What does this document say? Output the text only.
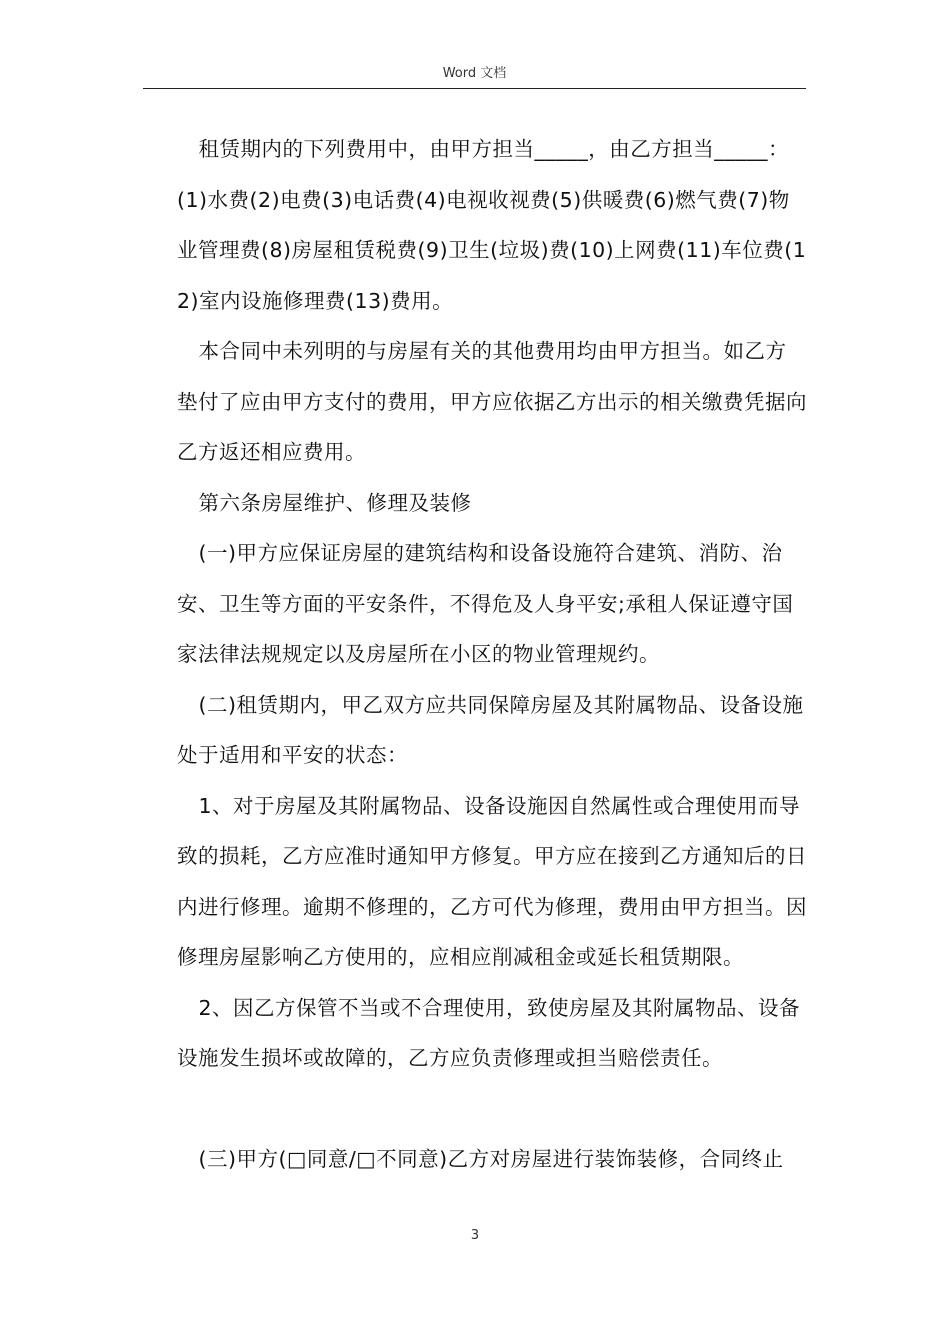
Word 文档

租赁期内的下列费用中，由甲方担当_____，由乙方担当_____：(1)水费(2)电费(3)电话费(4)电视收视费(5)供暖费(6)燃气费(7)物业管理费(8)房屋租赁税费(9)卫生(垃圾)费(10)上网费(11)车位费(12)室内设施修理费(13)费用。

本合同中未列明的与房屋有关的其他费用均由甲方担当。如乙方垫付了应由甲方支付的费用，甲方应依据乙方出示的相关缴费凭据向乙方返还相应费用。

第六条房屋维护、修理及装修

(一)甲方应保证房屋的建筑结构和设备设施符合建筑、消防、治安、卫生等方面的平安条件，不得危及人身平安;承租人保证遵守国家法律法规规定以及房屋所在小区的物业管理规约。

(二)租赁期内，甲乙双方应共同保障房屋及其附属物品、设备设施处于适用和平安的状态：

1、对于房屋及其附属物品、设备设施因自然属性或合理使用而导致的损耗，乙方应准时通知甲方修复。甲方应在接到乙方通知后的日内进行修理。逾期不修理的，乙方可代为修理，费用由甲方担当。因修理房屋影响乙方使用的，应相应削减租金或延长租赁期限。

2、因乙方保管不当或不合理使用，致使房屋及其附属物品、设备设施发生损坏或故障的，乙方应负责修理或担当赔偿责任。

(三)甲方(□同意/□不同意)乙方对房屋进行装饰装修，合同终止

3
